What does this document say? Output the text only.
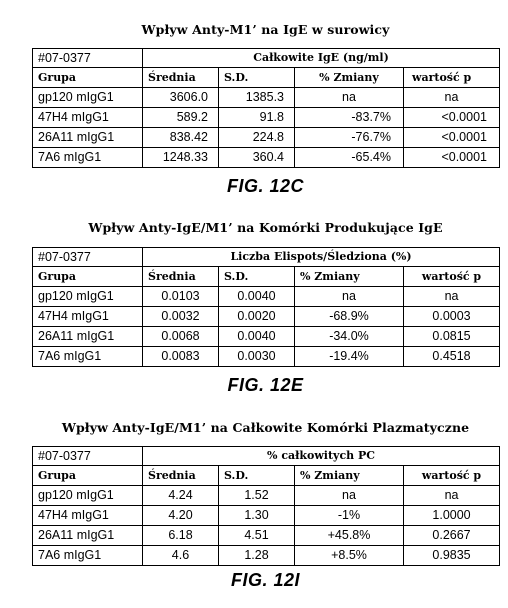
Wpływ Anty-M1’ na IgE w surowicy
#07-0377	Całkowite IgE (ng/ml)			
Grupa	Średnia	S.D.	% Zmiany	wartość p
gp120 mIgG1	3606.0	1385.3	na	na
47H4 mIgG1	589.2	91.8	-83.7%	<0.0001
26A11 mIgG1	838.42	224.8	-76.7%	<0.0001
7A6 mIgG1	1248.33	360.4	-65.4%	<0.0001
FIG. 12C
Wpływ Anty-IgE/M1’ na Komórki Produkujące IgE
#07-0377	Liczba Elispots/Śledziona (%)			
Grupa	Średnia	S.D.	% Zmiany	wartość p
gp120 mIgG1	0.0103	0.0040	na	na
47H4 mIgG1	0.0032	0.0020	-68.9%	0.0003
26A11 mIgG1	0.0068	0.0040	-34.0%	0.0815
7A6 mIgG1	0.0083	0.0030	-19.4%	0.4518
FIG. 12E
Wpływ Anty-IgE/M1’ na Całkowite Komórki Plazmatyczne
#07-0377	% całkowitych PC			
Grupa	Średnia	S.D.	% Zmiany	wartość p
gp120 mIgG1	4.24	1.52	na	na
47H4 mIgG1	4.20	1.30	-1%	1.0000
26A11 mIgG1	6.18	4.51	+45.8%	0.2667
7A6 mIgG1	4.6	1.28	+8.5%	0.9835
FIG. 12I
